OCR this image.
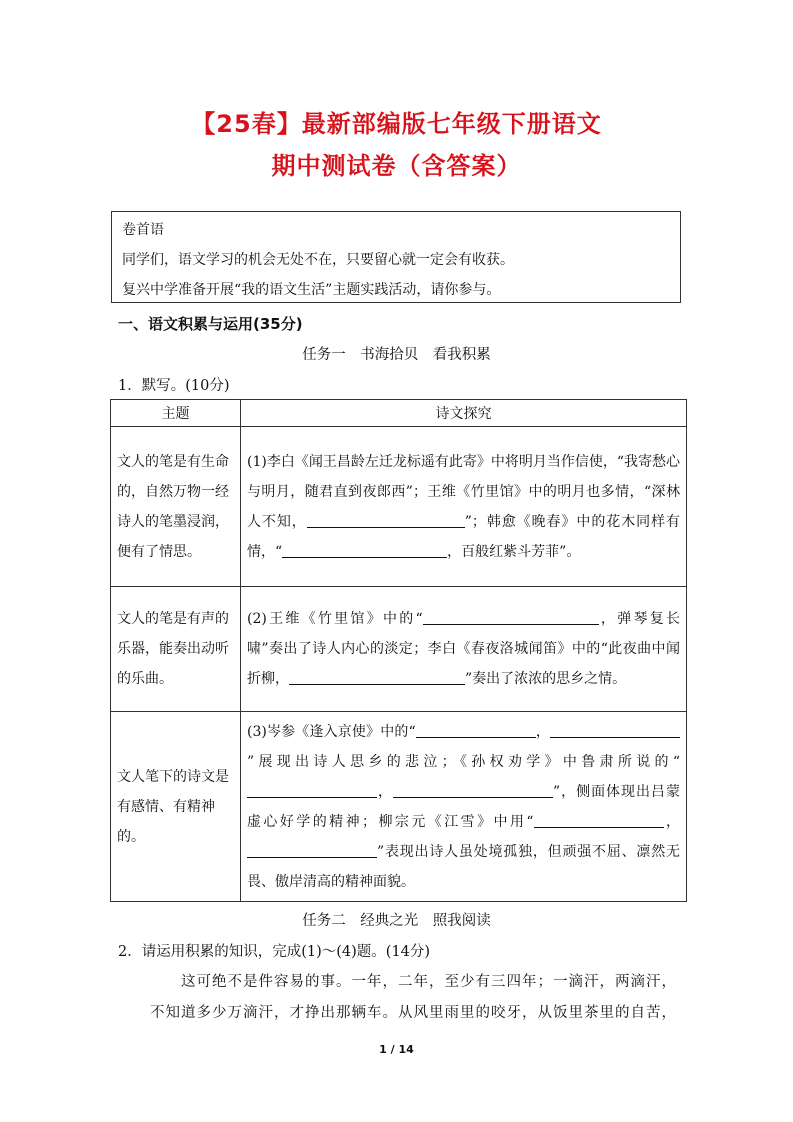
【25春】最新部编版七年级下册语文
期中测试卷（含答案）
卷首语
同学们，语文学习的机会无处不在，只要留心就一定会有收获。
复兴中学准备开展“我的语文生活”主题实践活动，请你参与。
一、语文积累与运用(35分)
任务一　书海拾贝　看我积累
1．默写。(10分)
主题	诗文探究
文人的笔是有生命的，自然万物一经诗人的笔墨浸润，便有了情思。	(1)李白《闻王昌龄左迁龙标遥有此寄》中将明月当作信使，“我寄愁心与明月，随君直到夜郎西”；王维《竹里馆》中的明月也多情，“深林人不知， ”；韩愈《晚春》中的花木同样有情，“ ，百般红紫斗芳菲”。
文人的笔是有声的乐器，能奏出动听的乐曲。	(2)王维《竹里馆》中的“ ，弹琴复长啸”奏出了诗人内心的淡定；李白《春夜洛城闻笛》中的“此夜曲中闻折柳， ”奏出了浓浓的思乡之情。
文人笔下的诗文是有感情、有精神的。	(3)岑参《逢入京使》中的“ ，”展现出诗人思乡的悲泣；《孙权劝学》中鲁肃所说的“， ”，侧面体现出吕蒙虚心好学的精神；柳宗元《江雪》中用“ ，”表现出诗人虽处境孤独，但顽强不屈、凛然无畏、傲岸清高的精神面貌。
任务二　经典之光　照我阅读
2．请运用积累的知识，完成(1)～(4)题。(14分)
这可绝不是件容易的事。一年，二年，至少有三四年；一滴汗，两滴汗，
不知道多少万滴汗，才挣出那辆车。从风里雨里的咬牙，从饭里茶里的自苦，
1 / 14
